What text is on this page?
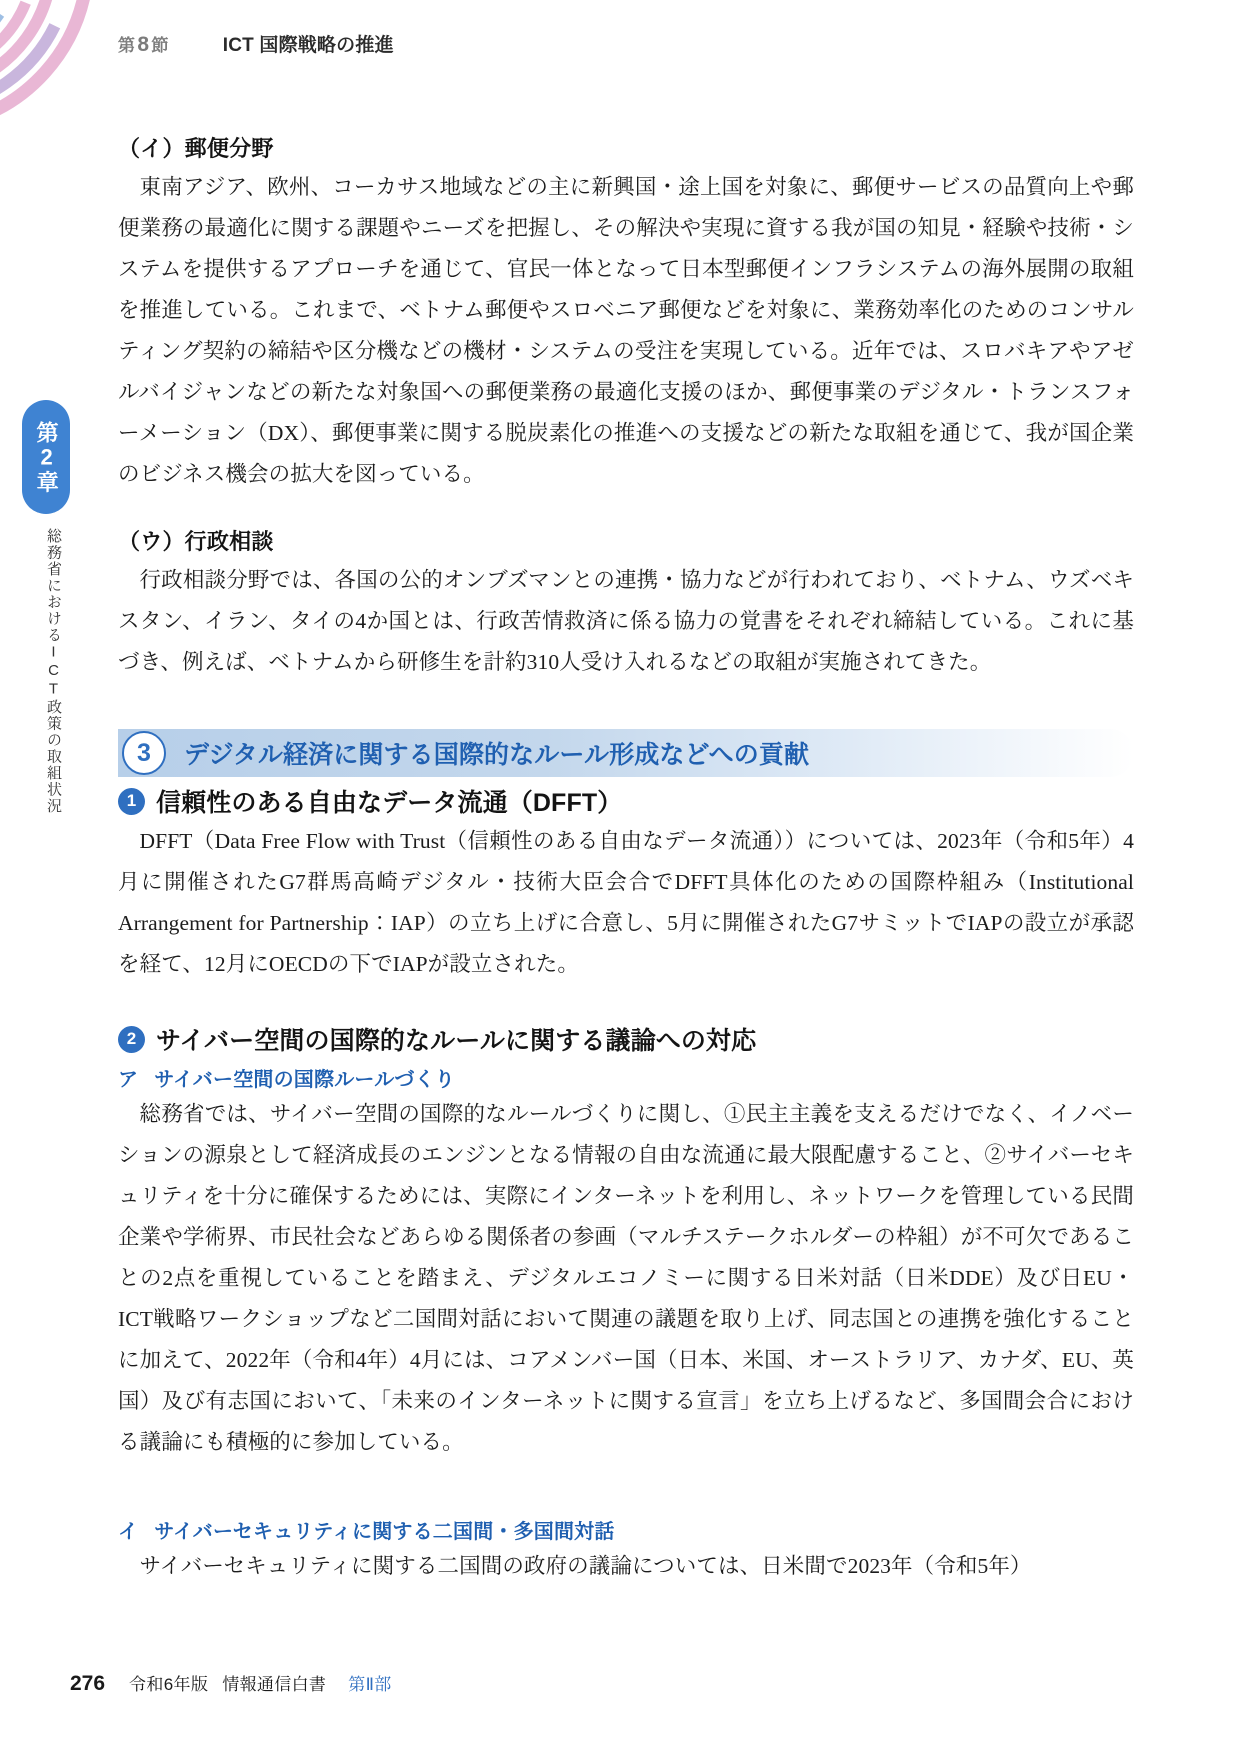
第8 節	ICT 国際戦略の推進
第2章
総務省におけるICT政策の取組状況
（イ）郵便分野

東南アジア、欧州、コーカサス地域などの主に新興国・途上国を対象に、郵便サービスの品質向上や郵便業務の最適化に関する課題やニーズを把握し、その解決や実現に資する我が国の知見・経験や技術・システムを提供するアプローチを通じて、官民一体となって日本型郵便インフラシステムの海外展開の取組を推進している。これまで、ベトナム郵便やスロベニア郵便などを対象に、業務効率化のためのコンサルティング契約の締結や区分機などの機材・システムの受注を実現している。近年では、スロバキアやアゼルバイジャンなどの新たな対象国への郵便業務の最適化支援のほか、郵便事業のデジタル・トランスフォーメーション（DX）、郵便事業に関する脱炭素化の推進への支援などの新たな取組を通じて、我が国企業のビジネス機会の拡大を図っている。

（ウ）行政相談

行政相談分野では、各国の公的オンブズマンとの連携・協力などが行われており、ベトナム、ウズベキスタン、イラン、タイの4か国とは、行政苦情救済に係る協力の覚書をそれぞれ締結している。これに基づき、例えば、ベトナムから研修生を計約310人受け入れるなどの取組が実施されてきた。

3	デジタル経済に関する国際的なルール形成などへの貢献
1 信頼性のある自由なデータ流通（DFFT）

DFFT（Data Free Flow with Trust（信頼性のある自由なデータ流通））については、2023年（令和5年）4月に開催されたG7群馬高崎デジタル・技術大臣会合でDFFT具体化のための国際枠組み（Institutional Arrangement for Partnership：IAP）の立ち上げに合意し、5月に開催されたG7サミットでIAPの設立が承認を経て、12月にOECDの下でIAPが設立された。

2 サイバー空間の国際的なルールに関する議論への対応
ア サイバー空間の国際ルールづくり

総務省では、サイバー空間の国際的なルールづくりに関し、①民主主義を支えるだけでなく、イノベーションの源泉として経済成長のエンジンとなる情報の自由な流通に最大限配慮すること、②サイバーセキュリティを十分に確保するためには、実際にインターネットを利用し、ネットワークを管理している民間企業や学術界、市民社会などあらゆる関係者の参画（マルチステークホルダーの枠組）が不可欠であることの2点を重視していることを踏まえ、デジタルエコノミーに関する日米対話（日米DDE）及び日EU・ICT戦略ワークショップなど二国間対話において関連の議題を取り上げ、同志国との連携を強化することに加えて、2022年（令和4年）4月には、コアメンバー国（日本、米国、オーストラリア、カナダ、EU、英国）及び有志国において、「未来のインターネットに関する宣言」を立ち上げるなど、多国間会合における議論にも積極的に参加している。

イ サイバーセキュリティに関する二国間・多国間対話

サイバーセキュリティに関する二国間の政府の議論については、日米間で2023年（令和5年）

276 令和6年版 情報通信白書 第Ⅱ部
